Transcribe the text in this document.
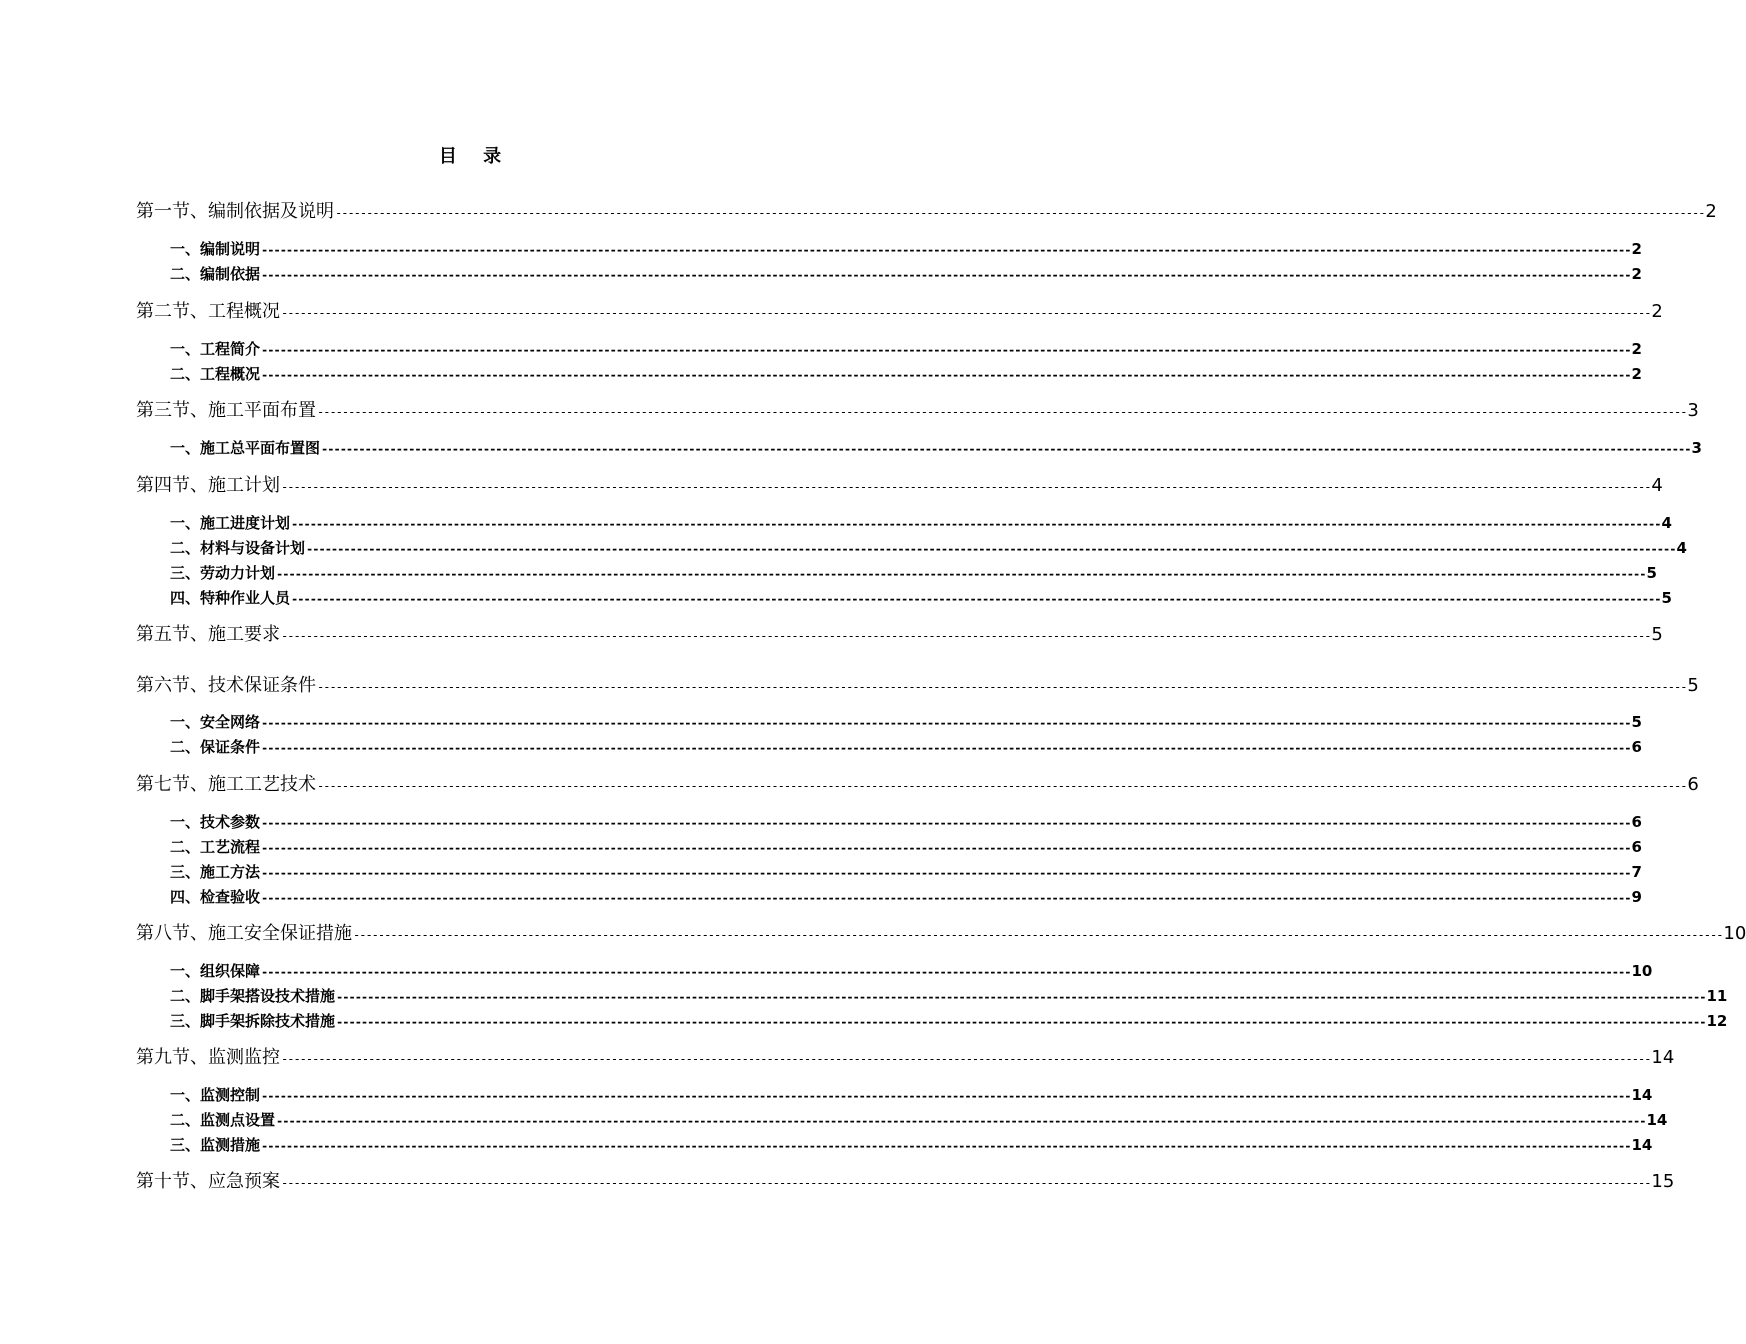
目 录
第一节、编制依据及说明 ---------------------------------------------------------------------------------------------------------------------------------------------------------------------------------------------------------------------------- 2
一、编制说明 ---------------------------------------------------------------------------------------------------------------------------------------------------------------------------------------------------------------------------- 2
二、编制依据 ---------------------------------------------------------------------------------------------------------------------------------------------------------------------------------------------------------------------------- 2
第二节、工程概况 ---------------------------------------------------------------------------------------------------------------------------------------------------------------------------------------------------------------------------- 2
一、工程简介 ---------------------------------------------------------------------------------------------------------------------------------------------------------------------------------------------------------------------------- 2
二、工程概况 ---------------------------------------------------------------------------------------------------------------------------------------------------------------------------------------------------------------------------- 2
第三节、施工平面布置 ---------------------------------------------------------------------------------------------------------------------------------------------------------------------------------------------------------------------------- 3
一、施工总平面布置图 ---------------------------------------------------------------------------------------------------------------------------------------------------------------------------------------------------------------------------- 3
第四节、施工计划 ---------------------------------------------------------------------------------------------------------------------------------------------------------------------------------------------------------------------------- 4
一、施工进度计划 ---------------------------------------------------------------------------------------------------------------------------------------------------------------------------------------------------------------------------- 4
二、材料与设备计划 ---------------------------------------------------------------------------------------------------------------------------------------------------------------------------------------------------------------------------- 4
三、劳动力计划 ---------------------------------------------------------------------------------------------------------------------------------------------------------------------------------------------------------------------------- 5
四、特种作业人员 ---------------------------------------------------------------------------------------------------------------------------------------------------------------------------------------------------------------------------- 5
第五节、施工要求 ---------------------------------------------------------------------------------------------------------------------------------------------------------------------------------------------------------------------------- 5
第六节、技术保证条件 ---------------------------------------------------------------------------------------------------------------------------------------------------------------------------------------------------------------------------- 5
一、安全网络 ---------------------------------------------------------------------------------------------------------------------------------------------------------------------------------------------------------------------------- 5
二、保证条件 ---------------------------------------------------------------------------------------------------------------------------------------------------------------------------------------------------------------------------- 6
第七节、施工工艺技术 ---------------------------------------------------------------------------------------------------------------------------------------------------------------------------------------------------------------------------- 6
一、技术参数 ---------------------------------------------------------------------------------------------------------------------------------------------------------------------------------------------------------------------------- 6
二、工艺流程 ---------------------------------------------------------------------------------------------------------------------------------------------------------------------------------------------------------------------------- 6
三、施工方法 ---------------------------------------------------------------------------------------------------------------------------------------------------------------------------------------------------------------------------- 7
四、检查验收 ---------------------------------------------------------------------------------------------------------------------------------------------------------------------------------------------------------------------------- 9
第八节、施工安全保证措施 ---------------------------------------------------------------------------------------------------------------------------------------------------------------------------------------------------------------------------- 10
一、组织保障 ---------------------------------------------------------------------------------------------------------------------------------------------------------------------------------------------------------------------------- 10
二、脚手架搭设技术措施 ---------------------------------------------------------------------------------------------------------------------------------------------------------------------------------------------------------------------------- 11
三、脚手架拆除技术措施 ---------------------------------------------------------------------------------------------------------------------------------------------------------------------------------------------------------------------------- 12
第九节、监测监控 ---------------------------------------------------------------------------------------------------------------------------------------------------------------------------------------------------------------------------- 14
一、监测控制 ---------------------------------------------------------------------------------------------------------------------------------------------------------------------------------------------------------------------------- 14
二、监测点设置 ---------------------------------------------------------------------------------------------------------------------------------------------------------------------------------------------------------------------------- 14
三、监测措施 ---------------------------------------------------------------------------------------------------------------------------------------------------------------------------------------------------------------------------- 14
第十节、应急预案 ---------------------------------------------------------------------------------------------------------------------------------------------------------------------------------------------------------------------------- 15
